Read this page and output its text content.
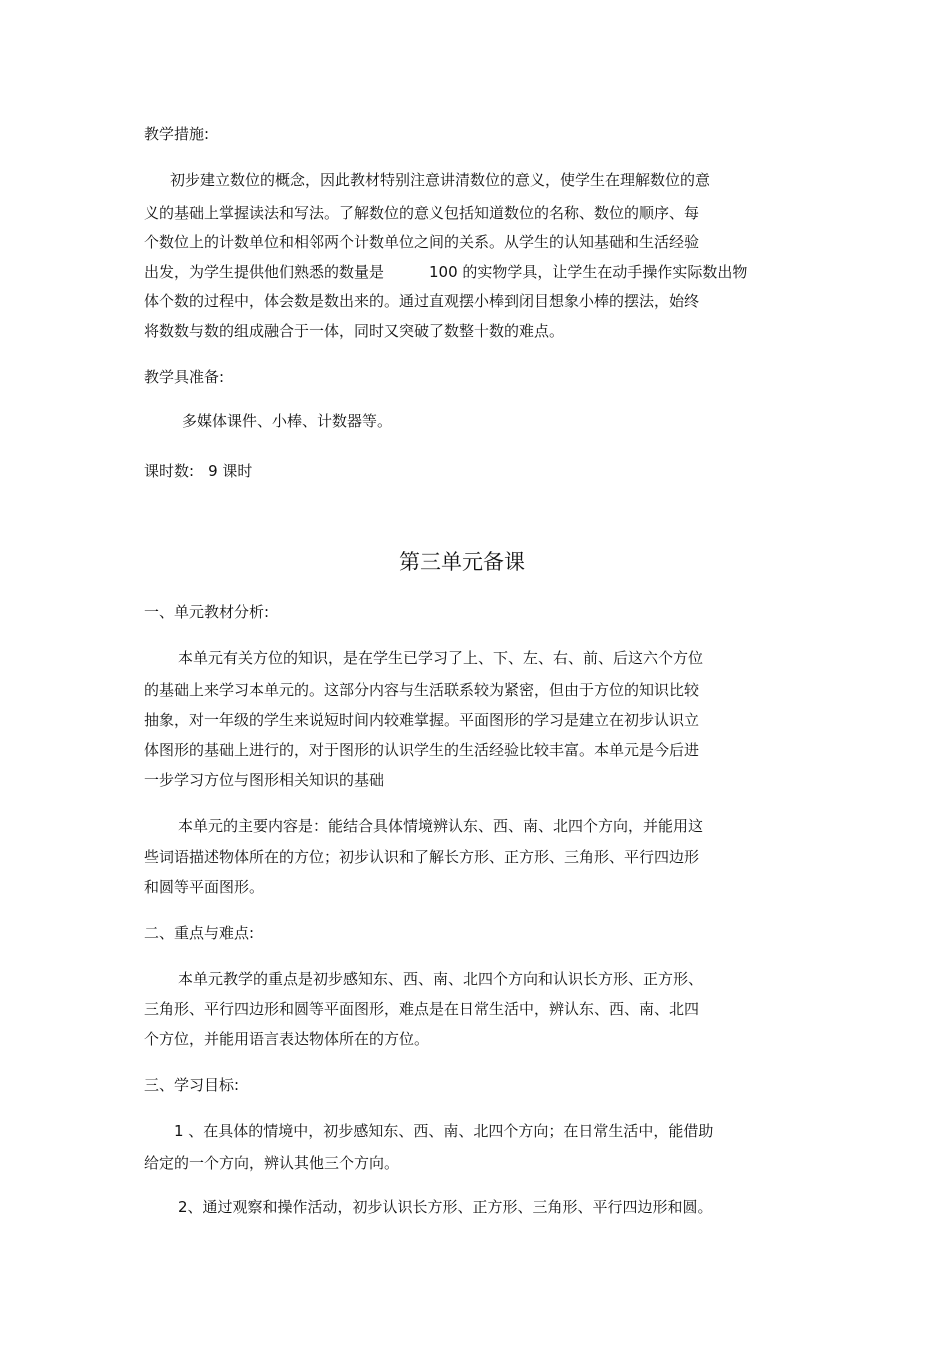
教学措施:

初步建立数位的概念，因此教材特别注意讲清数位的意义，使学生在理解数位的意

义的基础上掌握读法和写法。了解数位的意义包括知道数位的名称、数位的顺序、每

个数位上的计数单位和相邻两个计数单位之间的关系。从学生的认知基础和生活经验

出发，为学生提供他们熟悉的数量是	100 的实物学具，让学生在动手操作实际数出物

体个数的过程中，体会数是数出来的。通过直观摆小棒到闭目想象小棒的摆法，始终

将数数与数的组成融合于一体，同时又突破了数整十数的难点。

教学具准备:

多媒体课件、小棒、计数器等。

课时数: 9 课时

第三单元备课

一、单元教材分析:

本单元有关方位的知识，是在学生已学习了上、下、左、右、前、后这六个方位

的基础上来学习本单元的。这部分内容与生活联系较为紧密，但由于方位的知识比较

抽象，对一年级的学生来说短时间内较难掌握。平面图形的学习是建立在初步认识立

体图形的基础上进行的，对于图形的认识学生的生活经验比较丰富。本单元是今后进

一步学习方位与图形相关知识的基础

本单元的主要内容是：能结合具体情境辨认东、西、南、北四个方向，并能用这

些词语描述物体所在的方位；初步认识和了解长方形、正方形、三角形、平行四边形

和圆等平面图形。

二、重点与难点:

本单元教学的重点是初步感知东、西、南、北四个方向和认识长方形、正方形、

三角形、平行四边形和圆等平面图形，难点是在日常生活中，辨认东、西、南、北四

个方位，并能用语言表达物体所在的方位。

三、学习目标:

1 、在具体的情境中，初步感知东、西、南、北四个方向；在日常生活中，能借助

给定的一个方向，辨认其他三个方向。

2、通过观察和操作活动，初步认识长方形、正方形、三角形、平行四边形和圆。
